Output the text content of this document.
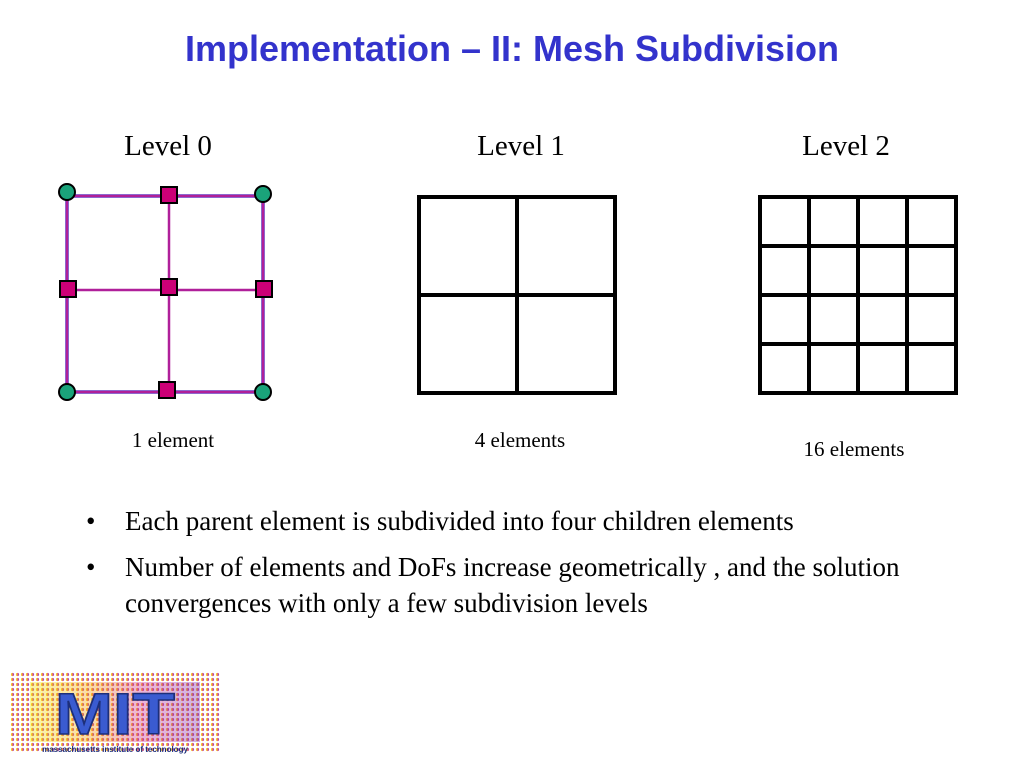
Implementation – II: Mesh Subdivision
Level 0	Level 1	Level 2
1 element	4 elements	16 elements
• Each parent element is subdivided into four children elements
• Number of elements and DoFs increase geometrically , and the solution convergences with only a few subdivision levels
MIT
massachusetts institute of technology
